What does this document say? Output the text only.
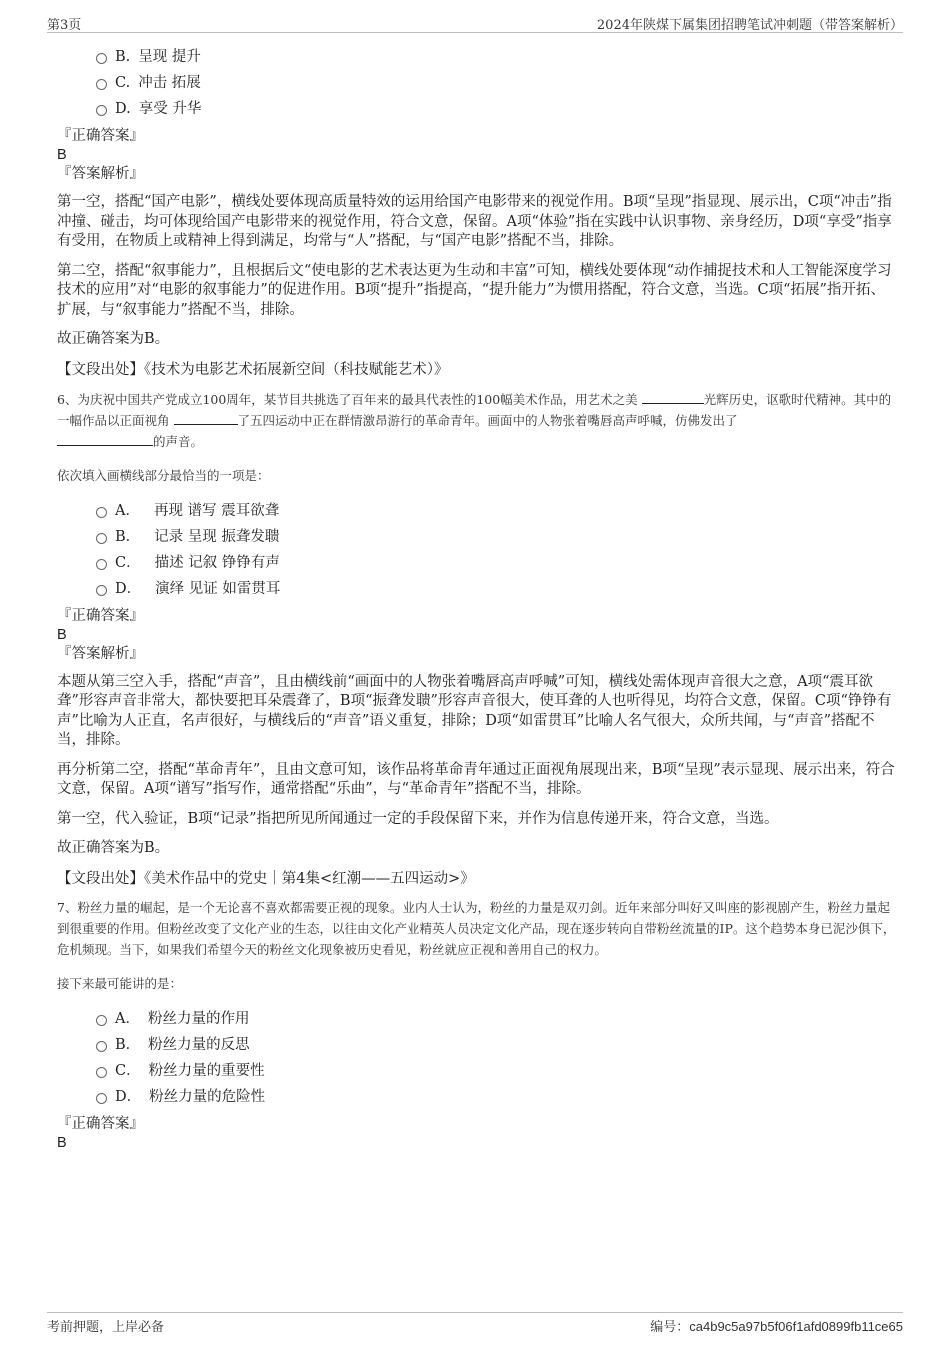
第3页	2024年陕煤下属集团招聘笔试冲刺题（带答案解析）
B. 呈现 提升
C. 冲击 拓展
D. 享受 升华
『正确答案』
B
『答案解析』

第一空，搭配“国产电影”，横线处要体现高质量特效的运用给国产电影带来的视觉作用。B项“呈现”指显现、展示出，C项“冲击”指冲撞、碰击，均可体现给国产电影带来的视觉作用，符合文意，保留。A项“体验”指在实践中认识事物、亲身经历，D项“享受”指享有受用，在物质上或精神上得到满足，均常与“人”搭配，与“国产电影”搭配不当，排除。

第二空，搭配“叙事能力”，且根据后文“使电影的艺术表达更为生动和丰富”可知，横线处要体现“动作捕捉技术和人工智能深度学习技术的应用”对“电影的叙事能力”的促进作用。B项“提升”指提高，“提升能力”为惯用搭配，符合文意，当选。C项“拓展”指开拓、扩展，与“叙事能力”搭配不当，排除。

故正确答案为B。

【文段出处】《技术为电影艺术拓展新空间（科技赋能艺术）》

6、为庆祝中国共产党成立100周年，某节目共挑选了百年来的最具代表性的100幅美术作品，用艺术之美	光辉历史，讴歌时代精神。其中的一幅作品以正面视角	了五四运动中正在群情激昂游行的革命青年。画面中的人物张着嘴唇高声呼喊，仿佛发出了
的声音。

依次填入画横线部分最恰当的一项是：

A． 再现 谱写 震耳欲聋
B． 记录 呈现 振聋发聩
C． 描述 记叙 铮铮有声
D． 演绎 见证 如雷贯耳
『正确答案』
B
『答案解析』

本题从第三空入手，搭配“声音”，且由横线前“画面中的人物张着嘴唇高声呼喊”可知，横线处需体现声音很大之意，A项“震耳欲聋”形容声音非常大，都快要把耳朵震聋了，B项“振聋发聩”形容声音很大，使耳聋的人也听得见，均符合文意，保留。C项“铮铮有声”比喻为人正直，名声很好，与横线后的“声音”语义重复，排除；D项“如雷贯耳”比喻人名气很大，众所共闻，与“声音”搭配不当，排除。

再分析第二空，搭配“革命青年”，且由文意可知，该作品将革命青年通过正面视角展现出来，B项“呈现”表示显现、展示出来，符合文意，保留。A项“谱写”指写作，通常搭配“乐曲”，与“革命青年”搭配不当，排除。

第一空，代入验证，B项“记录”指把所见所闻通过一定的手段保留下来，并作为信息传递开来，符合文意，当选。

故正确答案为B。

【文段出处】《美术作品中的党史｜第4集<红潮——五四运动>》

7、粉丝力量的崛起，是一个无论喜不喜欢都需要正视的现象。业内人士认为，粉丝的力量是双刃剑。近年来部分叫好又叫座的影视剧产生，粉丝力量起到很重要的作用。但粉丝改变了文化产业的生态，以往由文化产业精英人员决定文化产品，现在逐步转向自带粉丝流量的IP。这个趋势本身已泥沙俱下，危机频现。当下，如果我们希望今天的粉丝文化现象被历史看见，粉丝就应正视和善用自己的权力。

接下来最可能讲的是：

A． 粉丝力量的作用
B． 粉丝力量的反思
C． 粉丝力量的重要性
D． 粉丝力量的危险性
『正确答案』
B
考前押题，上岸必备	编号：ca4b9c5a97b5f06f1afd0899fb11ce65
